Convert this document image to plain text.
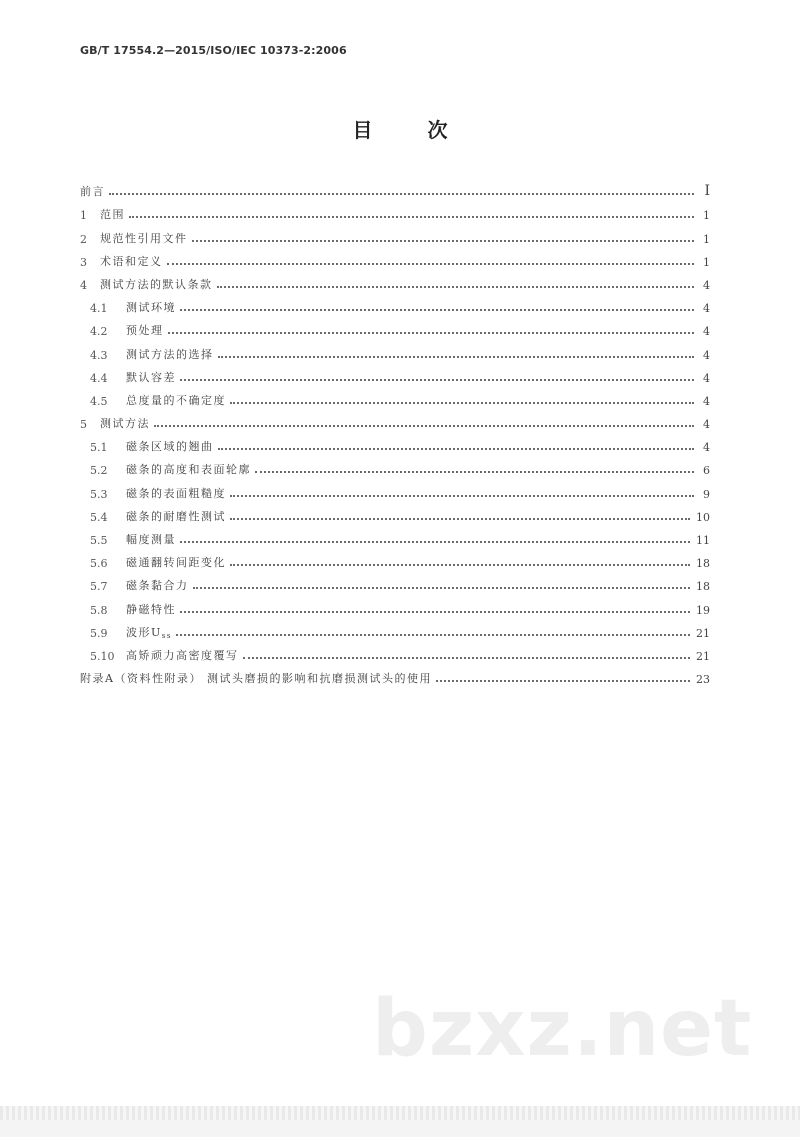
GB/T 17554.2—2015/ISO/IEC 10373-2:2006
目 次
前言	I
1	范围	1
2	规范性引用文件	1
3	术语和定义	1
4	测试方法的默认条款	4
4.1	测试环境	4
4.2	预处理	4
4.3	测试方法的选择	4
4.4	默认容差	4
4.5	总度量的不确定度	4
5	测试方法	4
5.1	磁条区域的翘曲	4
5.2	磁条的高度和表面轮廓	6
5.3	磁条的表面粗糙度	9
5.4	磁条的耐磨性测试	10
5.5	幅度测量	11
5.6	磁通翻转间距变化	18
5.7	磁条黏合力	18
5.8	静磁特性	19
5.9	波形$U_{ss}$	21
5.10	高矫顽力高密度覆写	21
附录A（资料性附录） 测试头磨损的影响和抗磨损测试头的使用	23
bzxz.net
